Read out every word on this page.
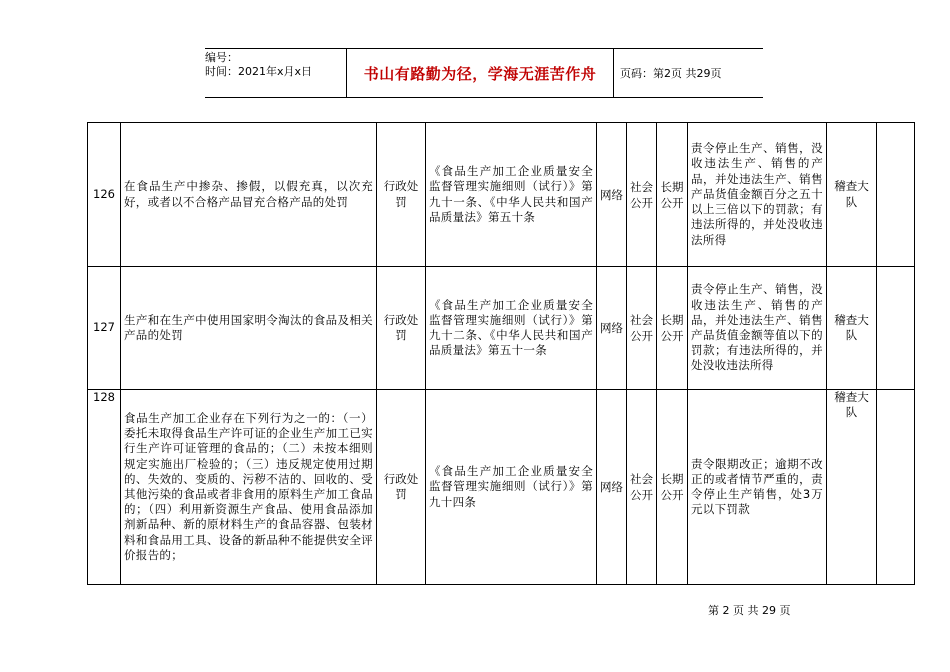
编号：
时间：2021年x月x日	书山有路勤为径，学海无涯苦作舟	页码：第2页 共29页
126	在食品生产中掺杂、掺假，以假充真，以次充好，或者以不合格产品冒充合格产品的处罚	行政处罚	《食品生产加工企业质量安全监督管理实施细则（试行）》第九十一条、《中华人民共和国产品质量法》第五十条	网络	社会公开	长期公开	责令停止生产、销售，没收违法生产、销售的产品，并处违法生产、销售产品货值金额百分之五十以上三倍以下的罚款；有违法所得的，并处没收违法所得	稽查大队	
127	生产和在生产中使用国家明令淘汰的食品及相关产品的处罚	行政处罚	《食品生产加工企业质量安全监督管理实施细则（试行）》第九十二条、《中华人民共和国产品质量法》第五十一条	网络	社会公开	长期公开	责令停止生产、销售，没收违法生产、销售的产品，并处违法生产、销售产品货值金额等值以下的罚款；有违法所得的，并处没收违法所得	稽查大队	
128	食品生产加工企业存在下列行为之一的：（一）委托未取得食品生产许可证的企业生产加工已实行生产许可证管理的食品的；（二）未按本细则规定实施出厂检验的；（三）违反规定使用过期的、失效的、变质的、污秽不洁的、回收的、受其他污染的食品或者非食用的原料生产加工食品的；（四）利用新资源生产食品、使用食品添加剂新品种、新的原材料生产的食品容器、包装材料和食品用工具、设备的新品种不能提供安全评价报告的；	行政处罚	《食品生产加工企业质量安全监督管理实施细则（试行）》第九十四条	网络	社会公开	长期公开	责令限期改正；逾期不改正的或者情节严重的，责令停止生产销售，处3万元以下罚款	稽查大队	
第 2 页 共 29 页
